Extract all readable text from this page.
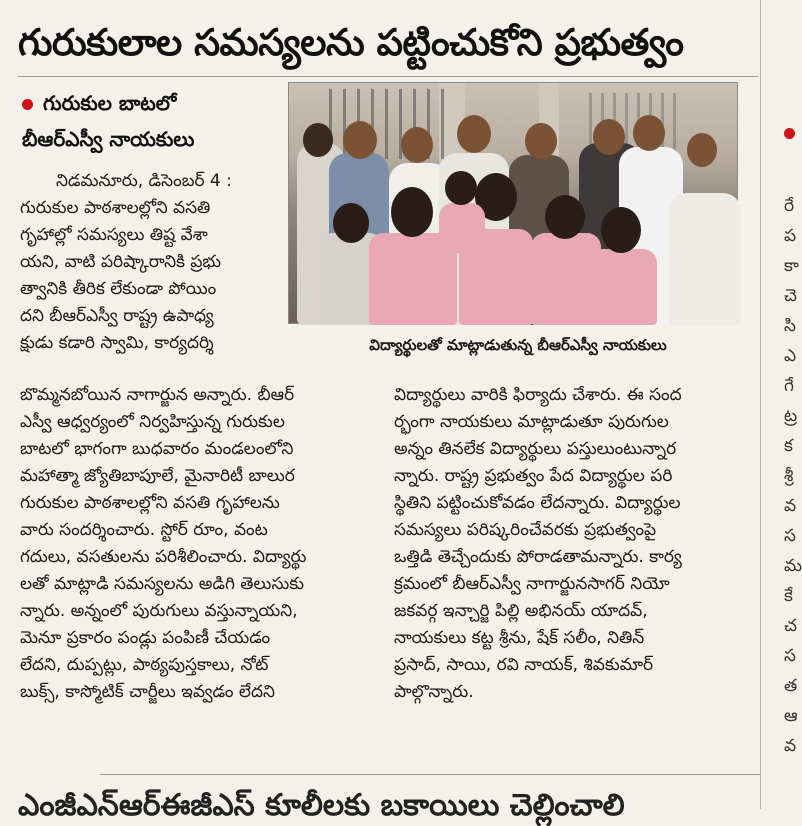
గురుకులాల సమస్యలను పట్టించుకోని ప్రభుత్వం
గురుకుల బాటలో
బీఆర్ఎస్వీ నాయకులు
విద్యార్థులతో మాట్లాడుతున్న బీఆర్ఎస్వీ నాయకులు

నిడమనూరు, డిసెంబర్ 4 :

గురుకుల పాఠశాలల్లోని వసతి

గృహాల్లో సమస్యలు తిష్ట వేశా

యని, వాటి పరిష్కారానికి ప్రభు

త్వానికి తీరిక లేకుండా పోయిం

దని బీఆర్ఎస్వీ రాష్ట్ర ఉపాధ్య

క్షుడు కడారి స్వామి, కార్యదర్శి

బొమ్మనబోయిన నాగార్జున అన్నారు. బీఆర్

ఎస్వీ ఆధ్వర్యంలో నిర్వహిస్తున్న గురుకుల

బాటలో భాగంగా బుధవారం మండలంలోని

మహాత్మా జ్యోతిబాపూలే, మైనారిటీ బాలుర

గురుకుల పాఠశాలల్లోని వసతి గృహాలను

వారు సందర్శించారు. స్టోర్ రూం, వంట

గదులు, వసతులను పరిశీలించారు. విద్యార్థు

లతో మాట్లాడి సమస్యలను అడిగి తెలుసుకు

న్నారు. అన్నంలో పురుగులు వస్తున్నాయని,

మెనూ ప్రకారం పండ్లు పంపిణీ చేయడం

లేదని, దుప్పట్లు, పాఠ్యపుస్తకాలు, నోట్

బుక్స్, కాస్మోటిక్ చార్జీలు ఇవ్వడం లేదని

విద్యార్థులు వారికి ఫిర్యాదు చేశారు. ఈ సంద

ర్భంగా నాయకులు మాట్లాడుతూ పురుగుల

అన్నం తినలేక విద్యార్థులు పస్తులుంటున్నార

న్నారు. రాష్ట్ర ప్రభుత్వం పేద విద్యార్థుల పరి

స్థితిని పట్టించుకోవడం లేదన్నారు. విద్యార్థుల

సమస్యలు పరిష్కరించేవరకు ప్రభుత్వంపై

ఒత్తిడి తెచ్చేందుకు పోరాడతామన్నారు. కార్య

క్రమంలో బీఆర్ఎస్వీ నాగార్జునసాగర్ నియో

జకవర్గ ఇన్చార్జి పిల్లి అభినయ్ యాదవ్,

నాయకులు కట్ట శ్రీను, షేక్ సలీం, నితిన్

ప్రసాద్, సాయి, రవి నాయక్, శివకుమార్

పాల్గొన్నారు.

రే
ప
కా
చె
సి
ఎ
గే
ట్ర
క
శ్రీ
వ
స
మ
కే
చ
స
త
ఆ
వ
ఎంజీఎన్ఆర్ఈజీఎస్ కూలీలకు బకాయిలు చెల్లించాలి
